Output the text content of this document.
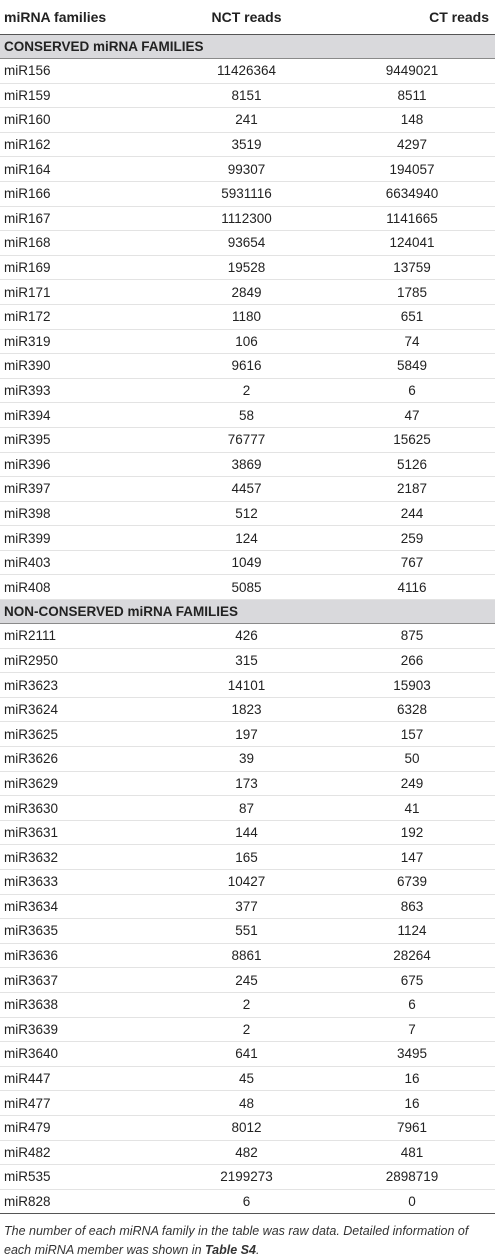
miRNA families	NCT reads	CT reads
CONSERVED miRNA FAMILIES		
miR156	11426364	9449021
miR159	8151	8511
miR160	241	148
miR162	3519	4297
miR164	99307	194057
miR166	5931116	6634940
miR167	1112300	1141665
miR168	93654	124041
miR169	19528	13759
miR171	2849	1785
miR172	1180	651
miR319	106	74
miR390	9616	5849
miR393	2	6
miR394	58	47
miR395	76777	15625
miR396	3869	5126
miR397	4457	2187
miR398	512	244
miR399	124	259
miR403	1049	767
miR408	5085	4116
NON-CONSERVED miRNA FAMILIES		
miR2111	426	875
miR2950	315	266
miR3623	14101	15903
miR3624	1823	6328
miR3625	197	157
miR3626	39	50
miR3629	173	249
miR3630	87	41
miR3631	144	192
miR3632	165	147
miR3633	10427	6739
miR3634	377	863
miR3635	551	1124
miR3636	8861	28264
miR3637	245	675
miR3638	2	6
miR3639	2	7
miR3640	641	3495
miR447	45	16
miR477	48	16
miR479	8012	7961
miR482	482	481
miR535	2199273	2898719
miR828	6	0
The number of each miRNA family in the table was raw data. Detailed information of each miRNA member was shown in Table S4.
